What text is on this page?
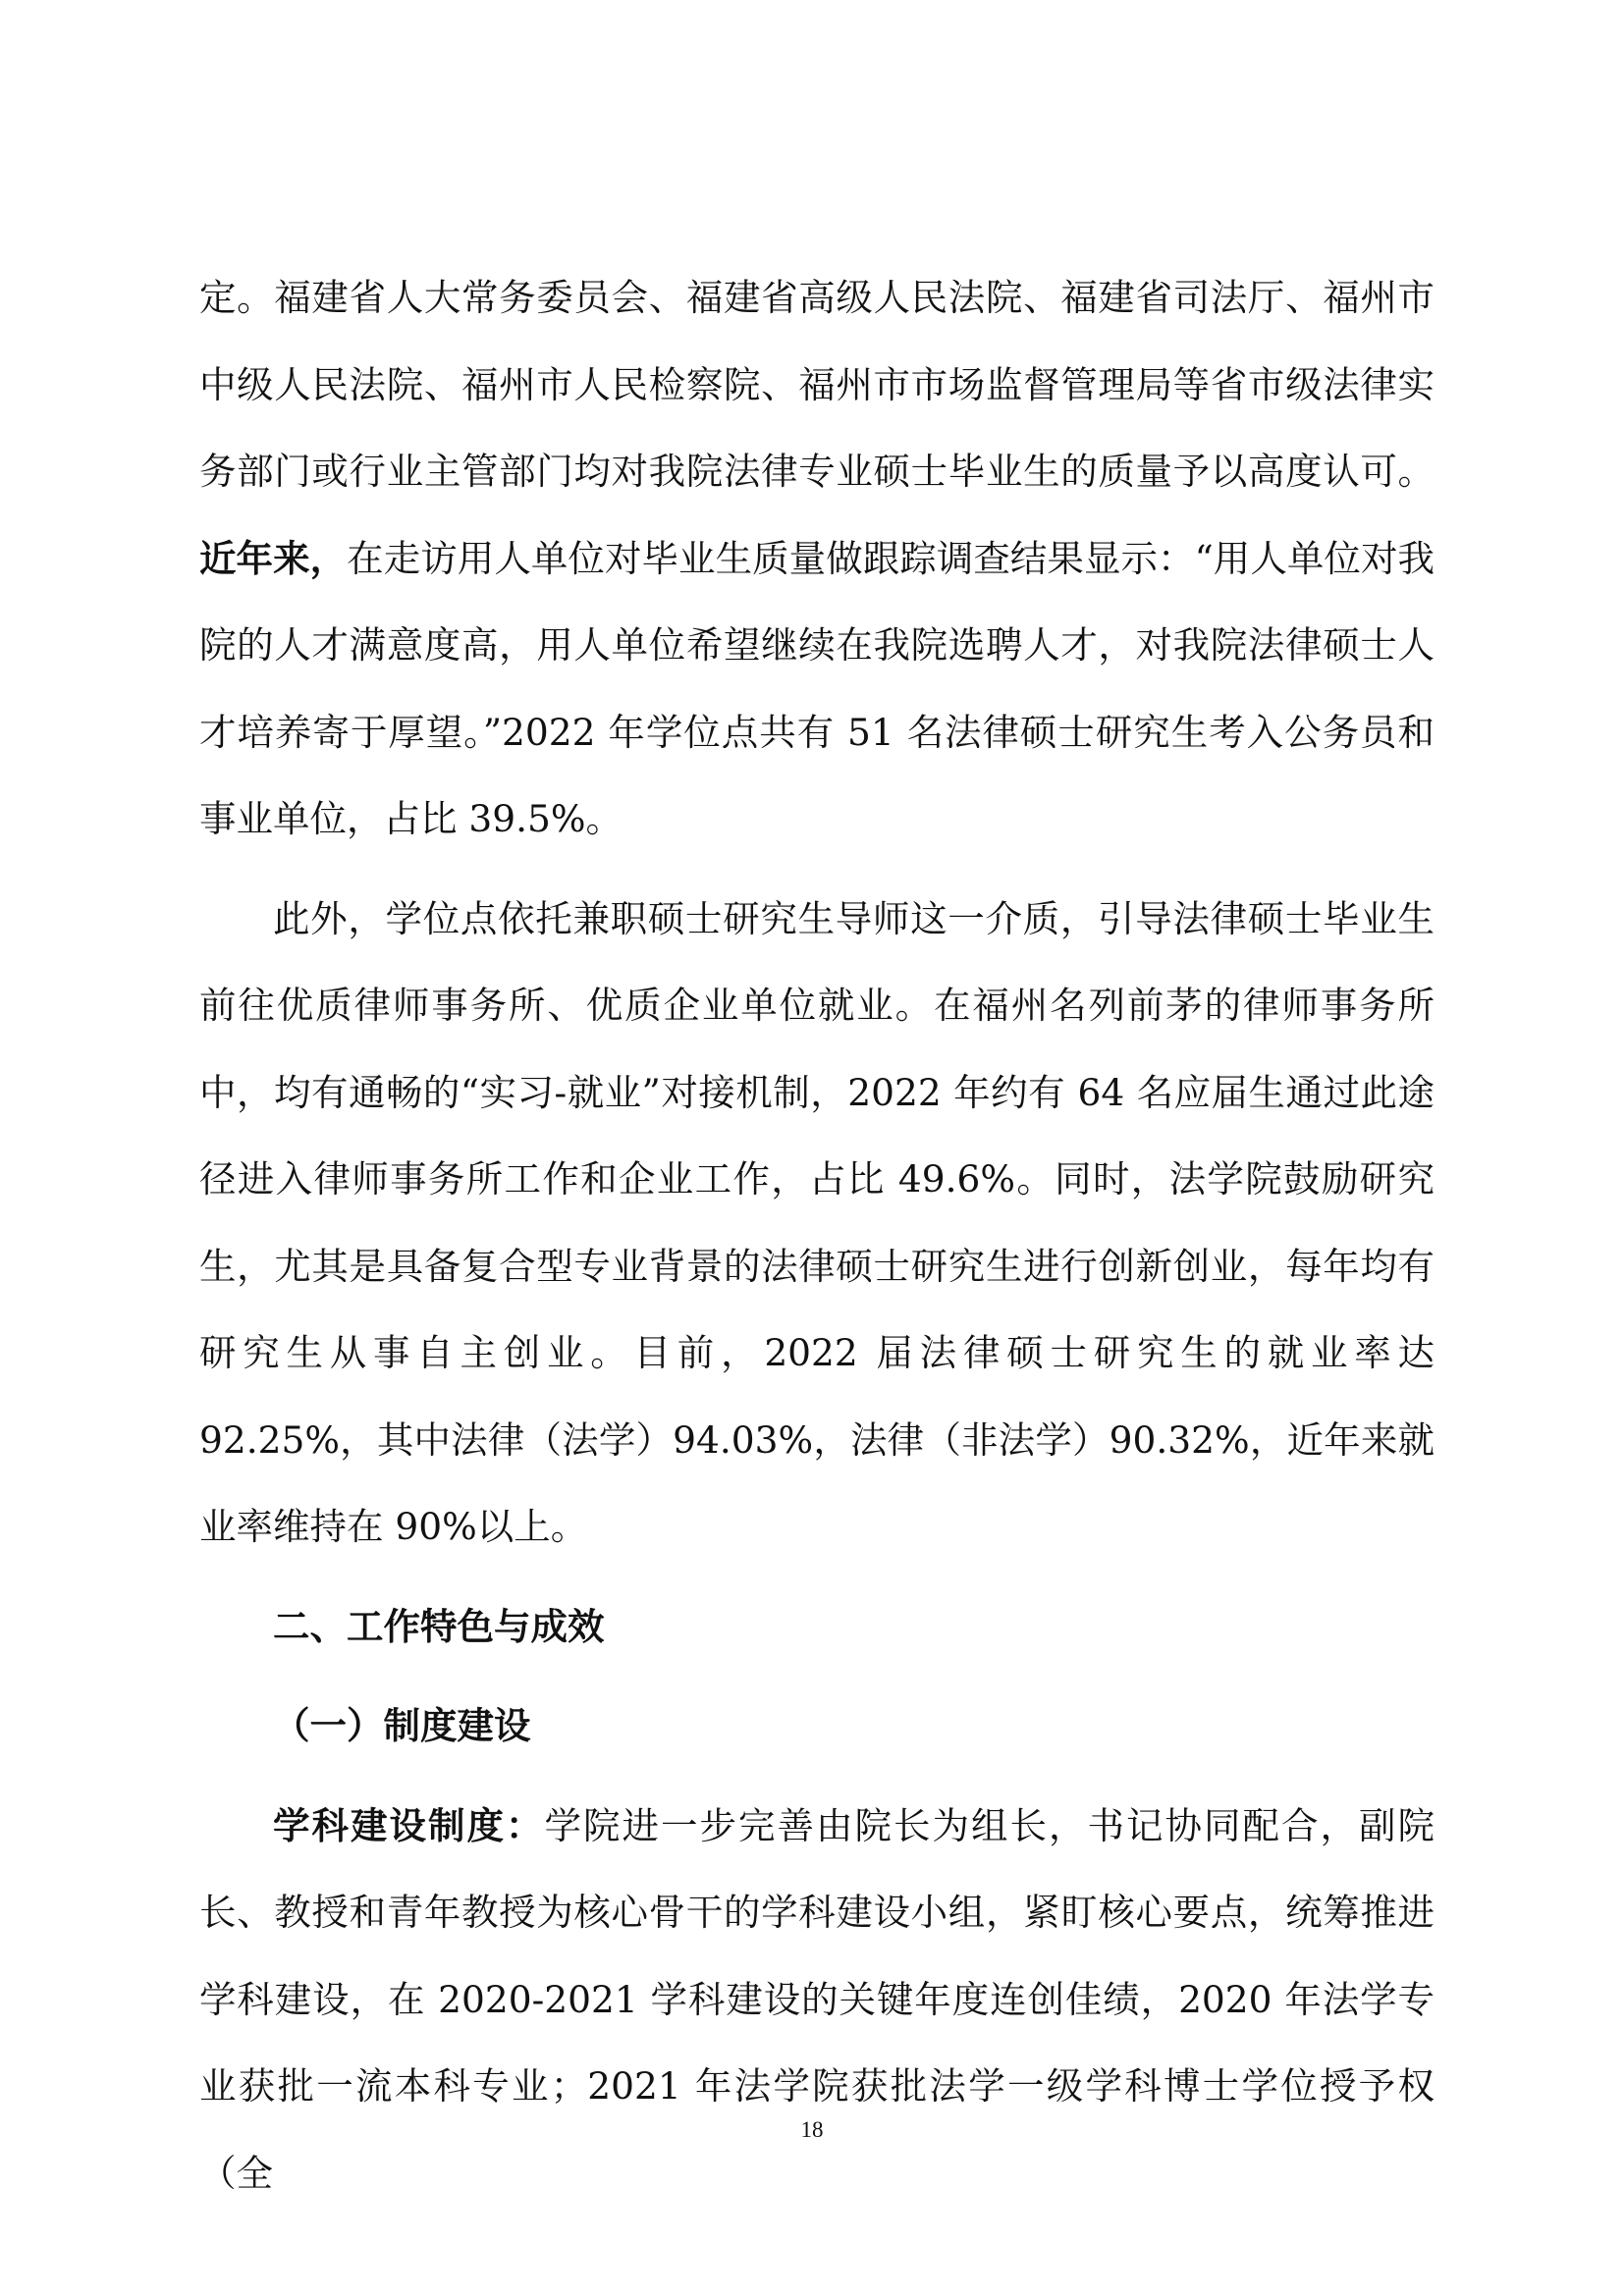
定。福建省人大常务委员会、福建省高级人民法院、福建省司法厅、福州市中级人民法院、福州市人民检察院、福州市市场监督管理局等省市级法律实务部门或行业主管部门均对我院法律专业硕士毕业生的质量予以高度认可。近年来，在走访用人单位对毕业生质量做跟踪调查结果显示：“用人单位对我院的人才满意度高，用人单位希望继续在我院选聘人才，对我院法律硕士人才培养寄于厚望。”2022 年学位点共有 51 名法律硕士研究生考入公务员和事业单位，占比 39.5%。

此外，学位点依托兼职硕士研究生导师这一介质，引导法律硕士毕业生前往优质律师事务所、优质企业单位就业。在福州名列前茅的律师事务所中，均有通畅的“实习-就业”对接机制，2022 年约有 64 名应届生通过此途径进入律师事务所工作和企业工作，占比 49.6%。同时，法学院鼓励研究生，尤其是具备复合型专业背景的法律硕士研究生进行创新创业，每年均有研究生从事自主创业。目前，2022 届法律硕士研究生的就业率达 92.25%，其中法律（法学）94.03%，法律（非法学）90.32%，近年来就业率维持在 90%以上。

二、工作特色与成效
（一）制度建设

学科建设制度：学院进一步完善由院长为组长，书记协同配合，副院长、教授和青年教授为核心骨干的学科建设小组，紧盯核心要点，统筹推进学科建设，在 2020-2021 学科建设的关键年度连创佳绩，2020 年法学专业获批一流本科专业；2021 年法学院获批法学一级学科博士学位授予权（全

18
